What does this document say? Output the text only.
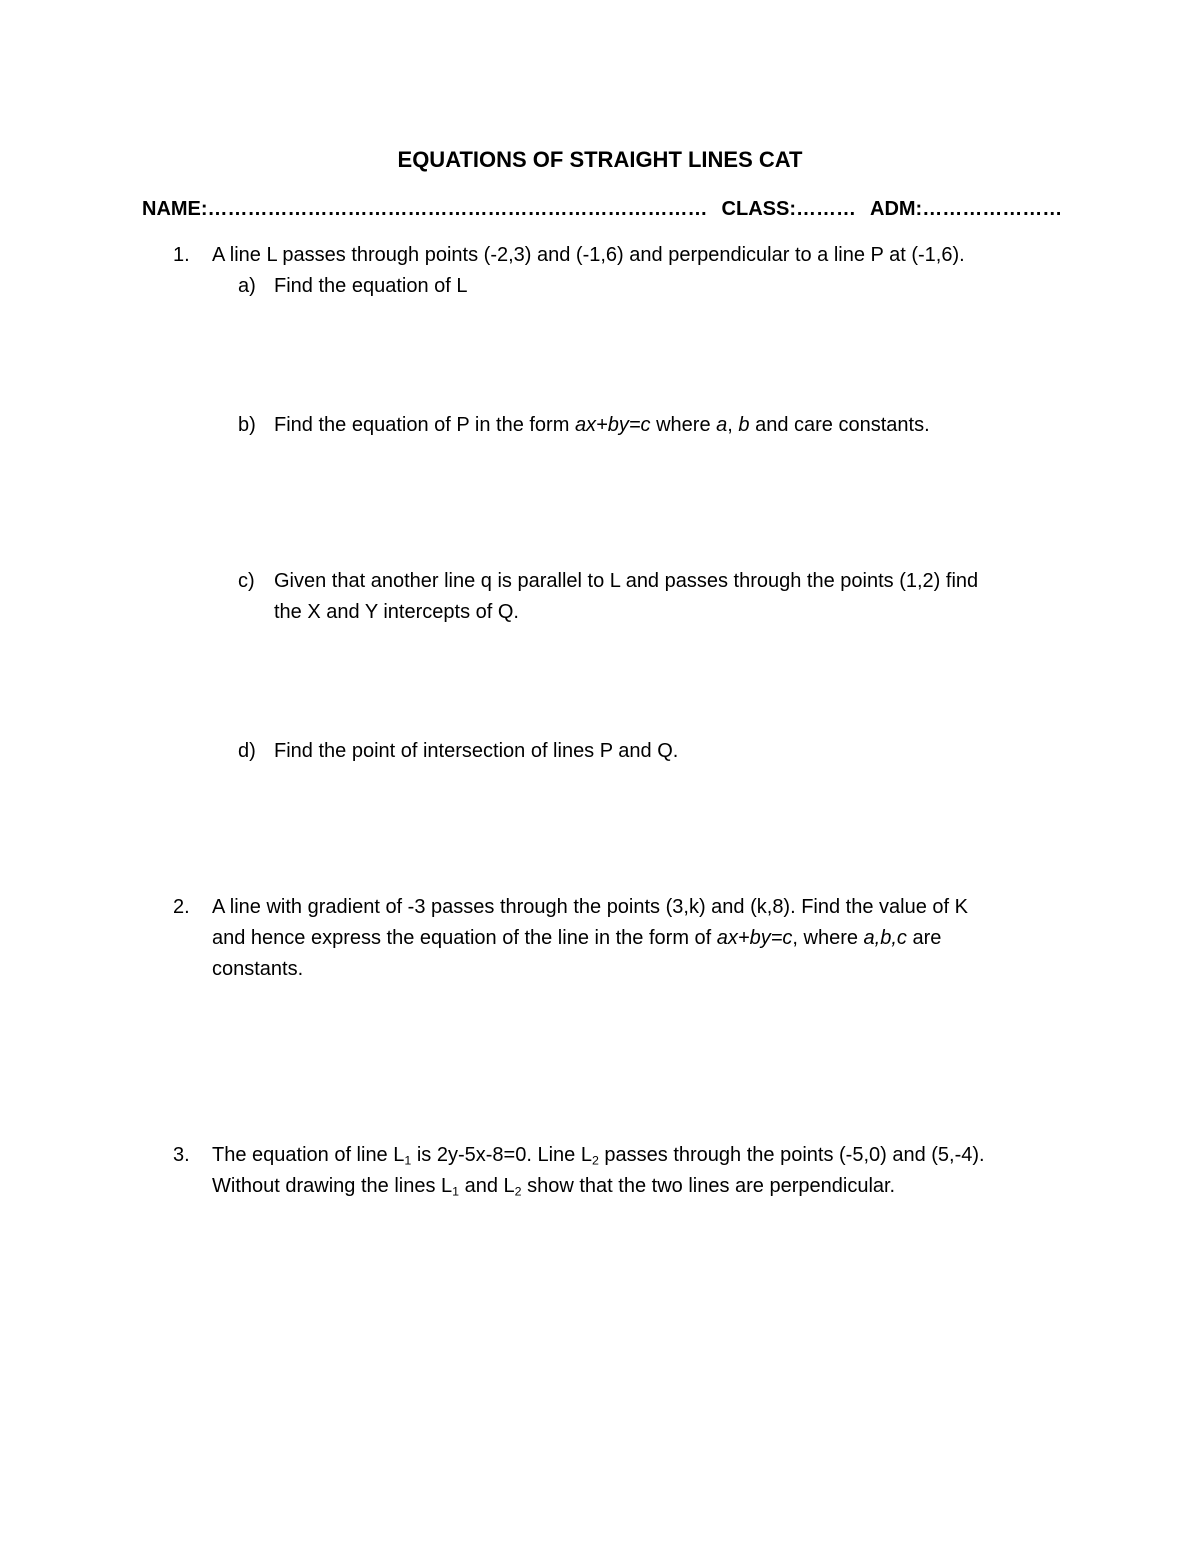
EQUATIONS OF STRAIGHT LINES CAT
NAME:………………………………………………………………… CLASS:……… ADM:…………………
1. A line L passes through points (-2,3) and (-1,6) and perpendicular to a line P at (-1,6).
a) Find the equation of L
b) Find the equation of P in the form ax+by=c where a, b and care constants.
c) Given that another line q is parallel to L and passes through the points (1,2) find
the X and Y intercepts of Q.
d) Find the point of intersection of lines P and Q.
2. A line with gradient of -3 passes through the points (3,k) and (k,8). Find the value of K
and hence express the equation of the line in the form of ax+by=c, where a,b,c are
constants.
3. The equation of line $L_1$ is 2y-5x-8=0. Line $L_2$ passes through the points (-5,0) and (5,-4).
Without drawing the lines $L_1$ and $L_2$ show that the two lines are perpendicular.
